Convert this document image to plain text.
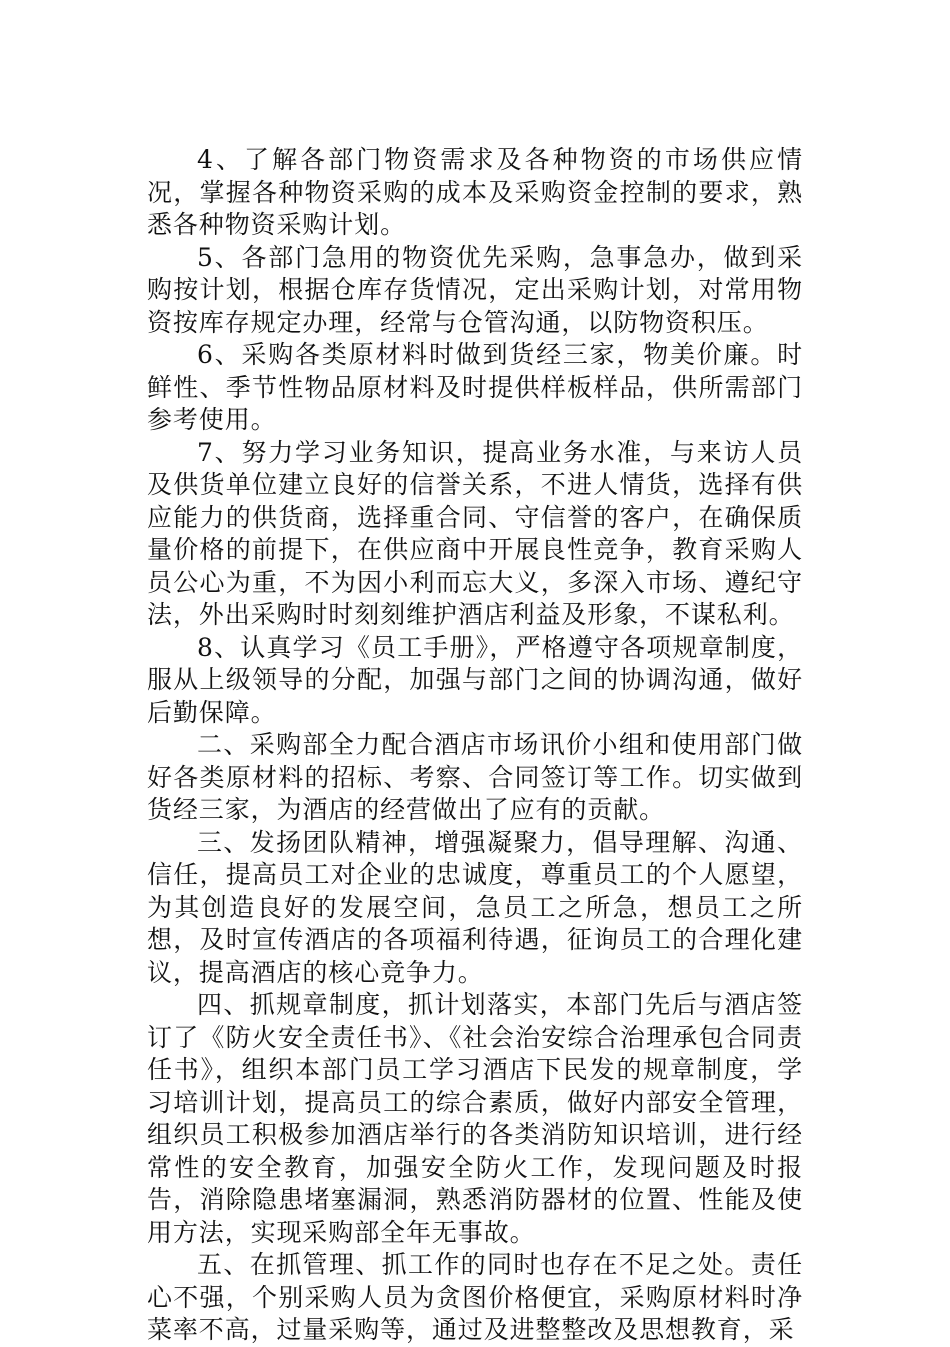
4、了解各部门物资需求及各种物资的市场供应情况，掌握各种物资采购的成本及采购资金控制的要求，熟悉各种物资采购计划。

5、各部门急用的物资优先采购，急事急办，做到采购按计划，根据仓库存货情况，定出采购计划，对常用物资按库存规定办理，经常与仓管沟通，以防物资积压。

6、采购各类原材料时做到货经三家，物美价廉。时鲜性、季节性物品原材料及时提供样板样品，供所需部门参考使用。

7、努力学习业务知识，提高业务水准，与来访人员及供货单位建立良好的信誉关系，不进人情货，选择有供应能力的供货商，选择重合同、守信誉的客户，在确保质量价格的前提下，在供应商中开展良性竞争，教育采购人员公心为重，不为因小利而忘大义，多深入市场、遵纪守法，外出采购时时刻刻维护酒店利益及形象，不谋私利。

8、认真学习《员工手册》，严格遵守各项规章制度，服从上级领导的分配，加强与部门之间的协调沟通，做好后勤保障。

二、采购部全力配合酒店市场讯价小组和使用部门做好各类原材料的招标、考察、合同签订等工作。切实做到货经三家，为酒店的经营做出了应有的贡献。

三、发扬团队精神，增强凝聚力，倡导理解、沟通、信任，提高员工对企业的忠诚度，尊重员工的个人愿望，为其创造良好的发展空间，急员工之所急，想员工之所想，及时宣传酒店的各项福利待遇，征询员工的合理化建议，提高酒店的核心竞争力。

四、抓规章制度，抓计划落实，本部门先后与酒店签订了《防火安全责任书》、《社会治安综合治理承包合同责任书》，组织本部门员工学习酒店下民发的规章制度，学习培训计划，提高员工的综合素质，做好内部安全管理，组织员工积极参加酒店举行的各类消防知识培训，进行经常性的安全教育，加强安全防火工作，发现问题及时报告，消除隐患堵塞漏洞，熟悉消防器材的位置、性能及使用方法，实现采购部全年无事故。

五、在抓管理、抓工作的同时也存在不足之处。责任心不强，个别采购人员为贪图价格便宜，采购原材料时净菜率不高，过量采购等，通过及进整整改及思想教育，采
